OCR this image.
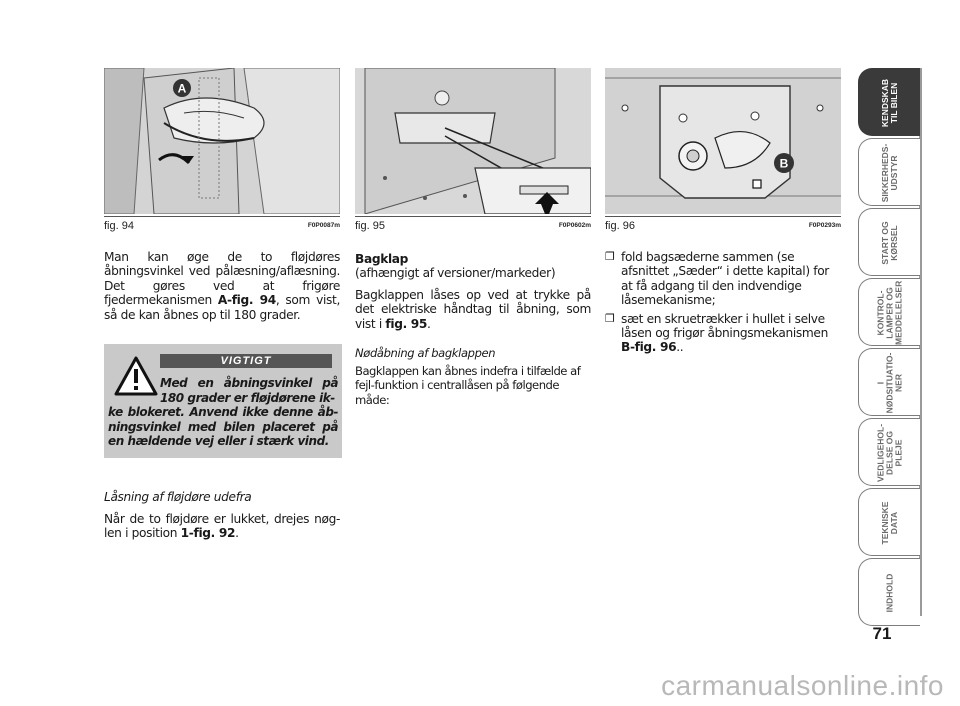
A
fig. 94	F0P0087m fig. 95	F0P0602m
B
fig. 96	F0P0293m
Man kan øge de to fløjdøres åbningsvinkel ved pålæsning/aflæsning. Det gøres ved at frigøre fjedermekanismen A-fig. 94, som vist, så de kan åbnes op til 180 grader.
VIGTIGT
Med en åbningsvinkel på 180 grader er fløjdørene ik-
ke blokeret. Anvend ikke denne åb-ningsvinkel med bilen placeret på en hældende vej eller i stærk vind.
Låsning af fløjdøre udefra
Når de to fløjdøre er lukket, drejes nøg-len i position 1-fig. 92.
Bagklap
(afhængigt af versioner/markeder)
Bagklappen låses op ved at trykke på det elektriske håndtag til åbning, som vist i fig. 95.
Nødåbning af bagklappen
Bagklappen kan åbnes indefra i tilfælde af fejl-funktion i centrallåsen på følgende måde:
❒ fold bagsæderne sammen (se afsnittet „Sæder“ i dette kapital) for at få adgang til den indvendige låsemekanisme;
❒ sæt en skruetrækker i hullet i selve låsen og frigør åbningsmekanismen B-fig. 96..
KENDSKAB TIL BILEN
SIKKERHEDS-UDSTYR
START OG KØRSEL
KONTROL-LAMPER OG MEDDELELSER
I NØDSITUATIO-NER
VEDLIGEHOL-DELSE OG PLEJE
TEKNISKE DATA
INDHOLD
71
carmanualsonline.info
